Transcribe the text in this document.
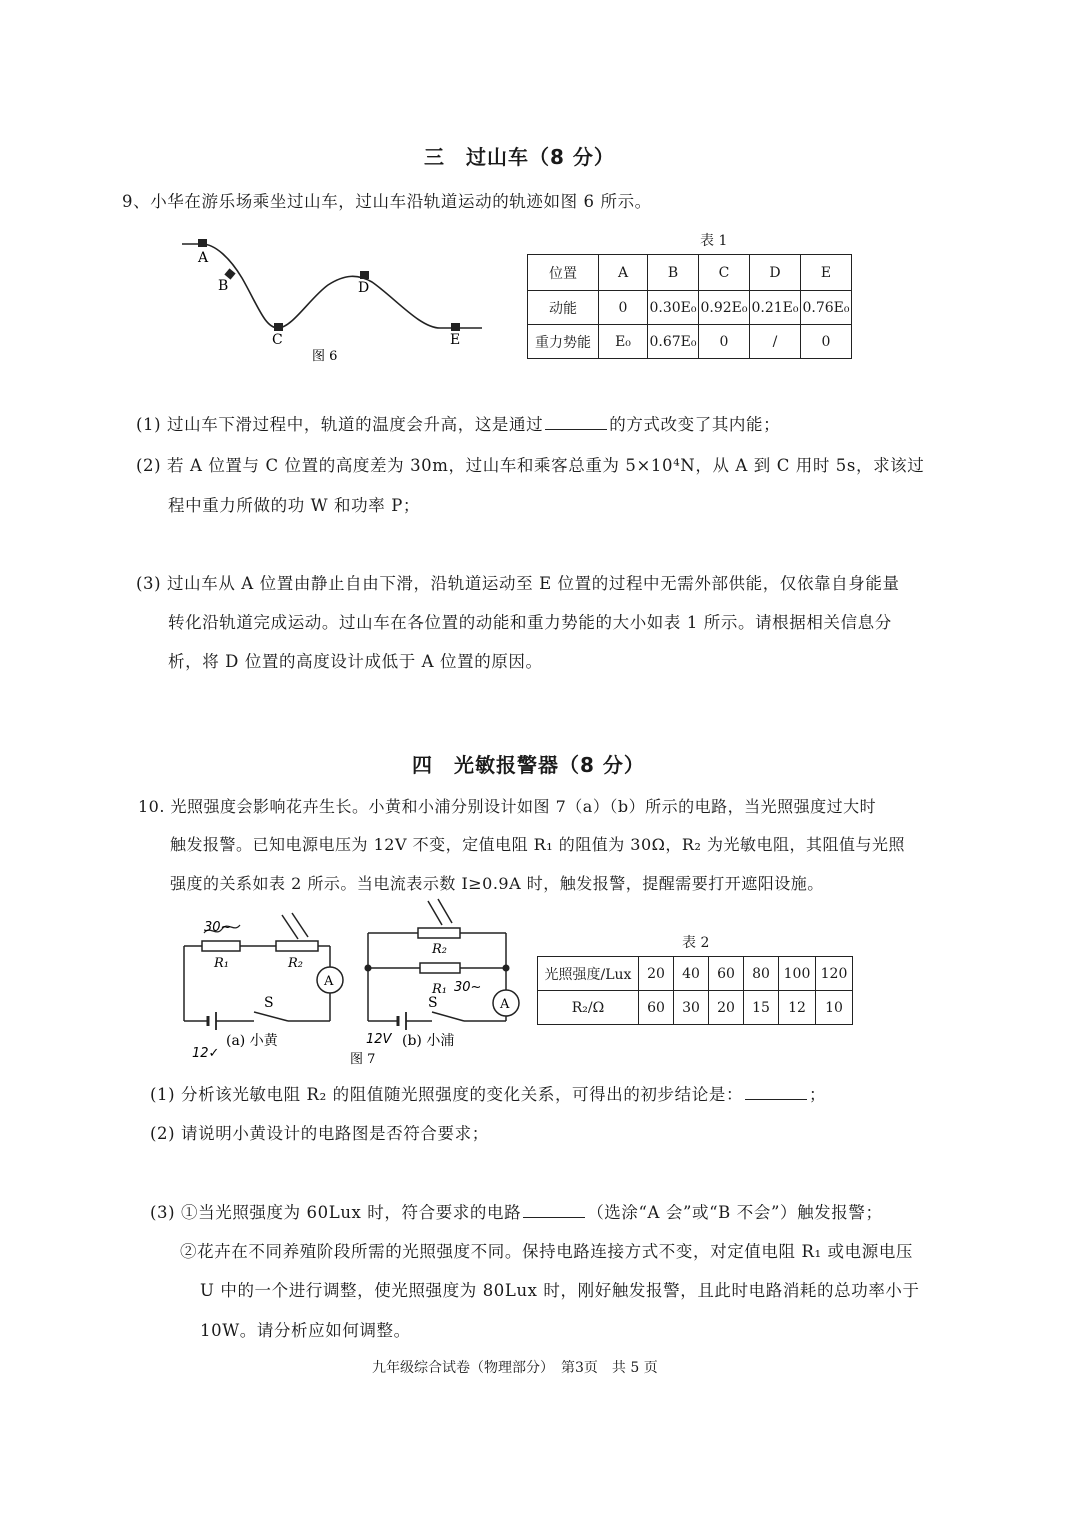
三　过山车（8 分）
9、小华在游乐场乘坐过山车，过山车沿轨道运动的轨迹如图 6 所示。
A
B
C
D
E
图 6
表 1
位置	A	B	C	D	E
动能	0	0.30E₀	0.92E₀	0.21E₀	0.76E₀
重力势能	E₀	0.67E₀	0	/	0
(1) 过山车下滑过程中，轨道的温度会升高，这是通过	的方式改变了其内能；
(2) 若 A 位置与 C 位置的高度差为 30m，过山车和乘客总重为 5×10⁴N，从 A 到 C 用时 5s，求该过
程中重力所做的功 W 和功率 P；
(3) 过山车从 A 位置由静止自由下滑，沿轨道运动至 E 位置的过程中无需外部供能，仅依靠自身能量
转化沿轨道完成运动。过山车在各位置的动能和重力势能的大小如表 1 所示。请根据相关信息分
析，将 D 位置的高度设计成低于 A 位置的原因。
四　光敏报警器（8 分）
10. 光照强度会影响花卉生长。小黄和小浦分别设计如图 7（a）（b）所示的电路，当光照强度过大时
触发报警。已知电源电压为 12V 不变，定值电阻 R₁ 的阻值为 30Ω，R₂ 为光敏电阻，其阻值与光照
强度的关系如表 2 所示。当电流表示数 I≥0.9A 时，触发报警，提醒需要打开遮阳设施。
A
R₁	R₂
S
30~
12✓
(a) 小黄
A
R₂
R₁ 30~
S
12V (b) 小浦
图 7
表 2
光照强度/Lux	20	40	60	80	100	120
R₂/Ω	60	30	20	15	12	10
(1) 分析该光敏电阻 R₂ 的阻值随光照强度的变化关系，可得出的初步结论是：	；
(2) 请说明小黄设计的电路图是否符合要求；
(3) ①当光照强度为 60Lux 时，符合要求的电路	（选涂“A 会”或“B 不会”）触发报警；
②花卉在不同养殖阶段所需的光照强度不同。保持电路连接方式不变，对定值电阻 R₁ 或电源电压
U 中的一个进行调整，使光照强度为 80Lux 时，刚好触发报警，且此时电路消耗的总功率小于
10W。请分析应如何调整。
九年级综合试卷（物理部分）　第3页　共 5 页
